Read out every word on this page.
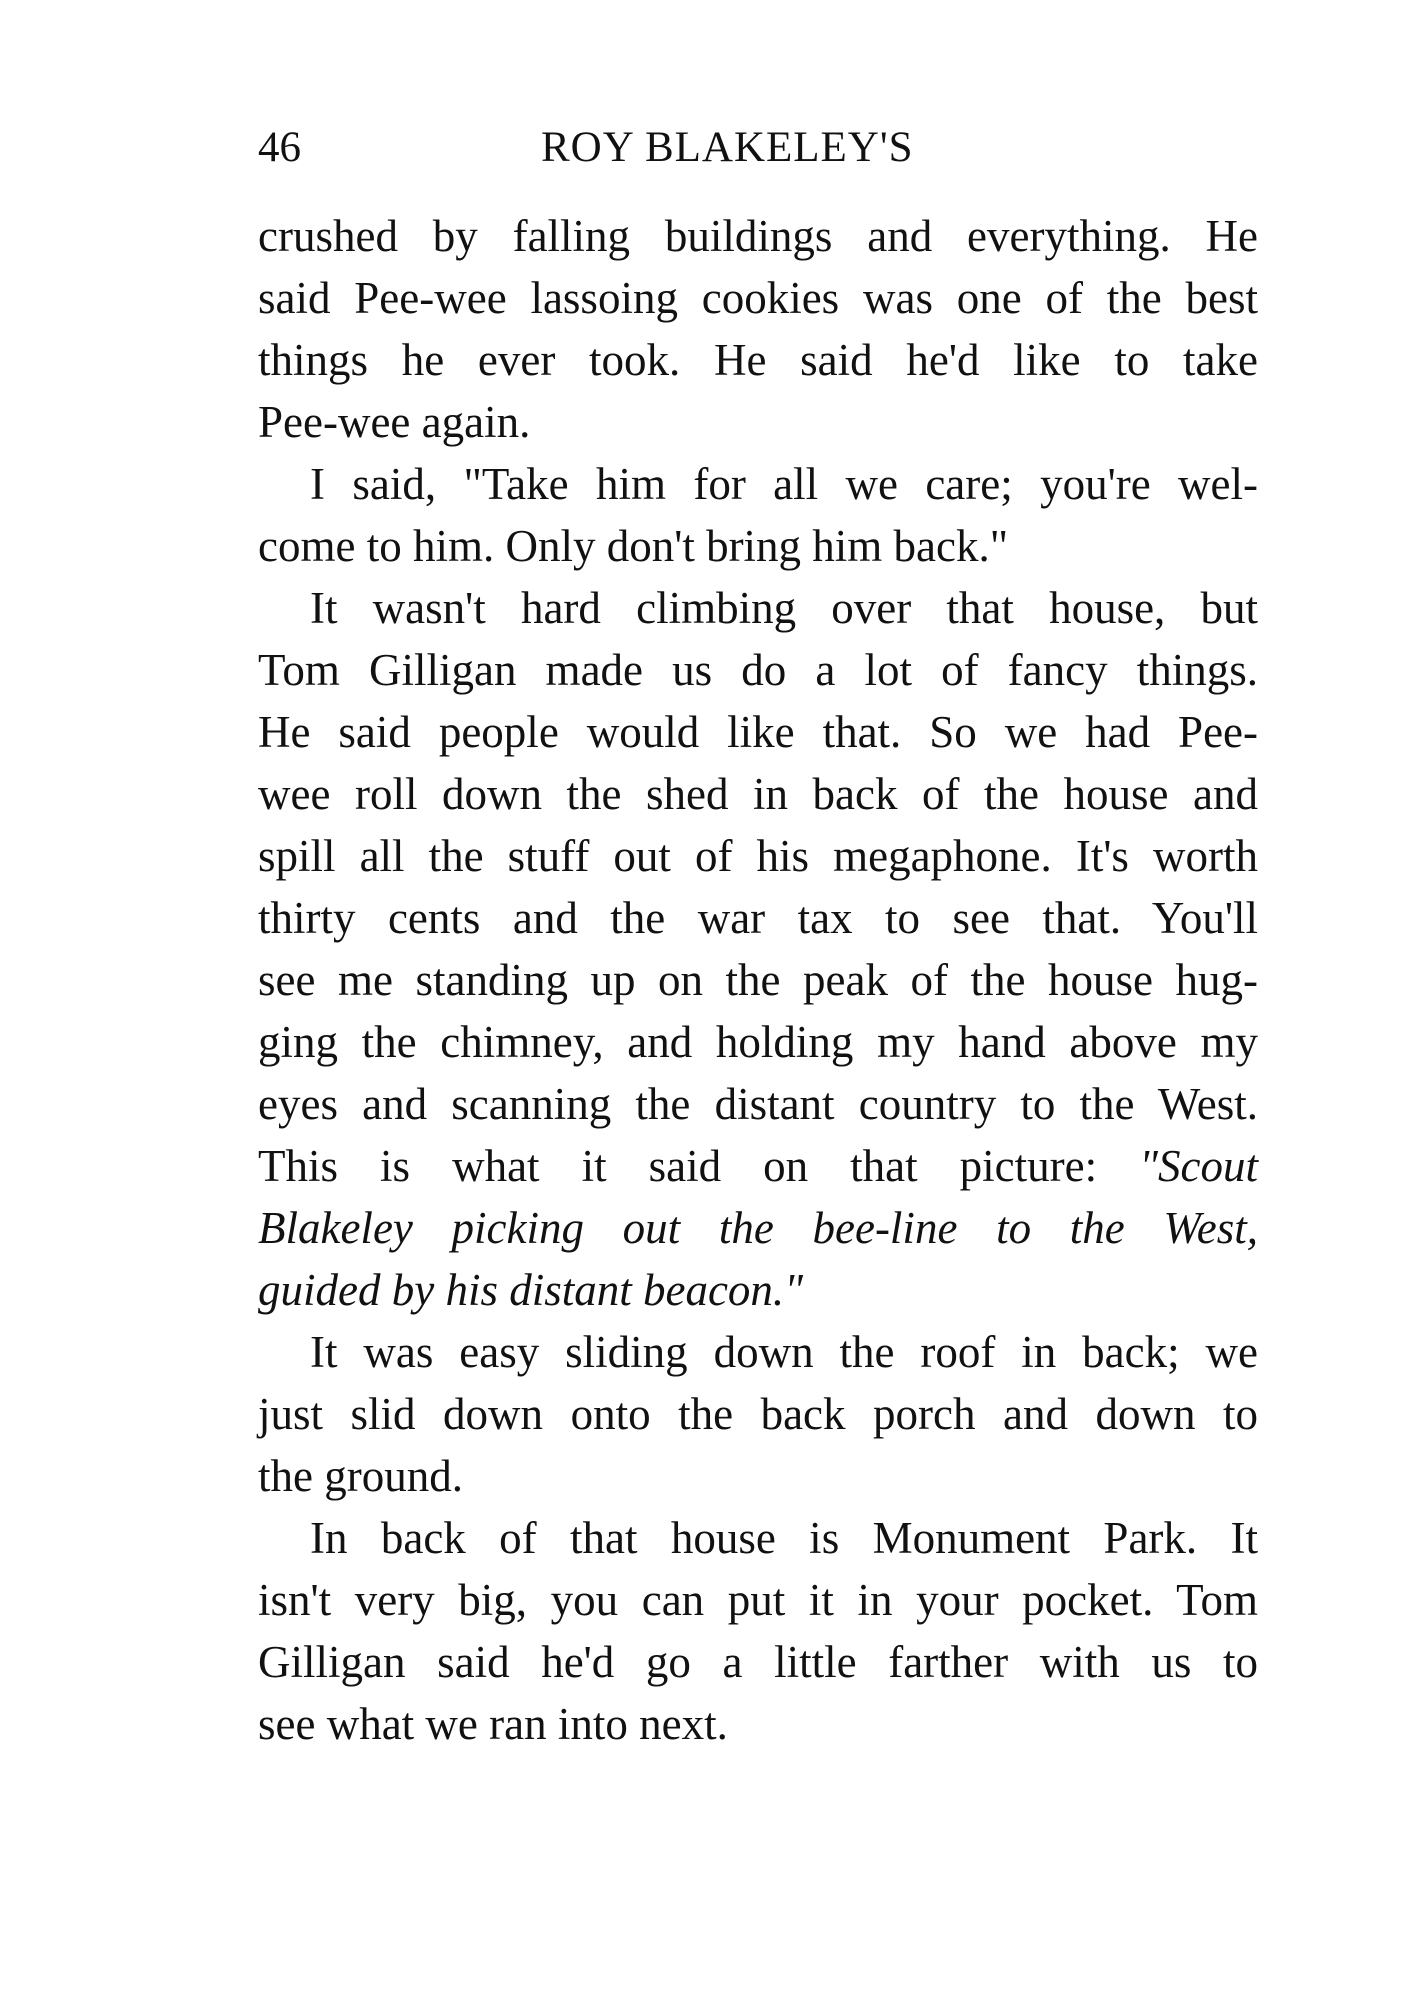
46	ROY BLAKELEY'S

crushed by falling buildings and everything. He
said Pee-wee lassoing cookies was one of the best
things he ever took. He said he'd like to take
Pee-wee again.

I said, "Take him for all we care; you're wel-
come to him. Only don't bring him back."

It wasn't hard climbing over that house, but
Tom Gilligan made us do a lot of fancy things.
He said people would like that. So we had Pee-
wee roll down the shed in back of the house and
spill all the stuff out of his megaphone. It's worth
thirty cents and the war tax to see that. You'll
see me standing up on the peak of the house hug-
ging the chimney, and holding my hand above my
eyes and scanning the distant country to the West.
This is what it said on that picture: "Scout
Blakeley picking out the bee-line to the West,
guided by his distant beacon."

It was easy sliding down the roof in back; we
just slid down onto the back porch and down to
the ground.

In back of that house is Monument Park. It
isn't very big, you can put it in your pocket. Tom
Gilligan said he'd go a little farther with us to
see what we ran into next.
